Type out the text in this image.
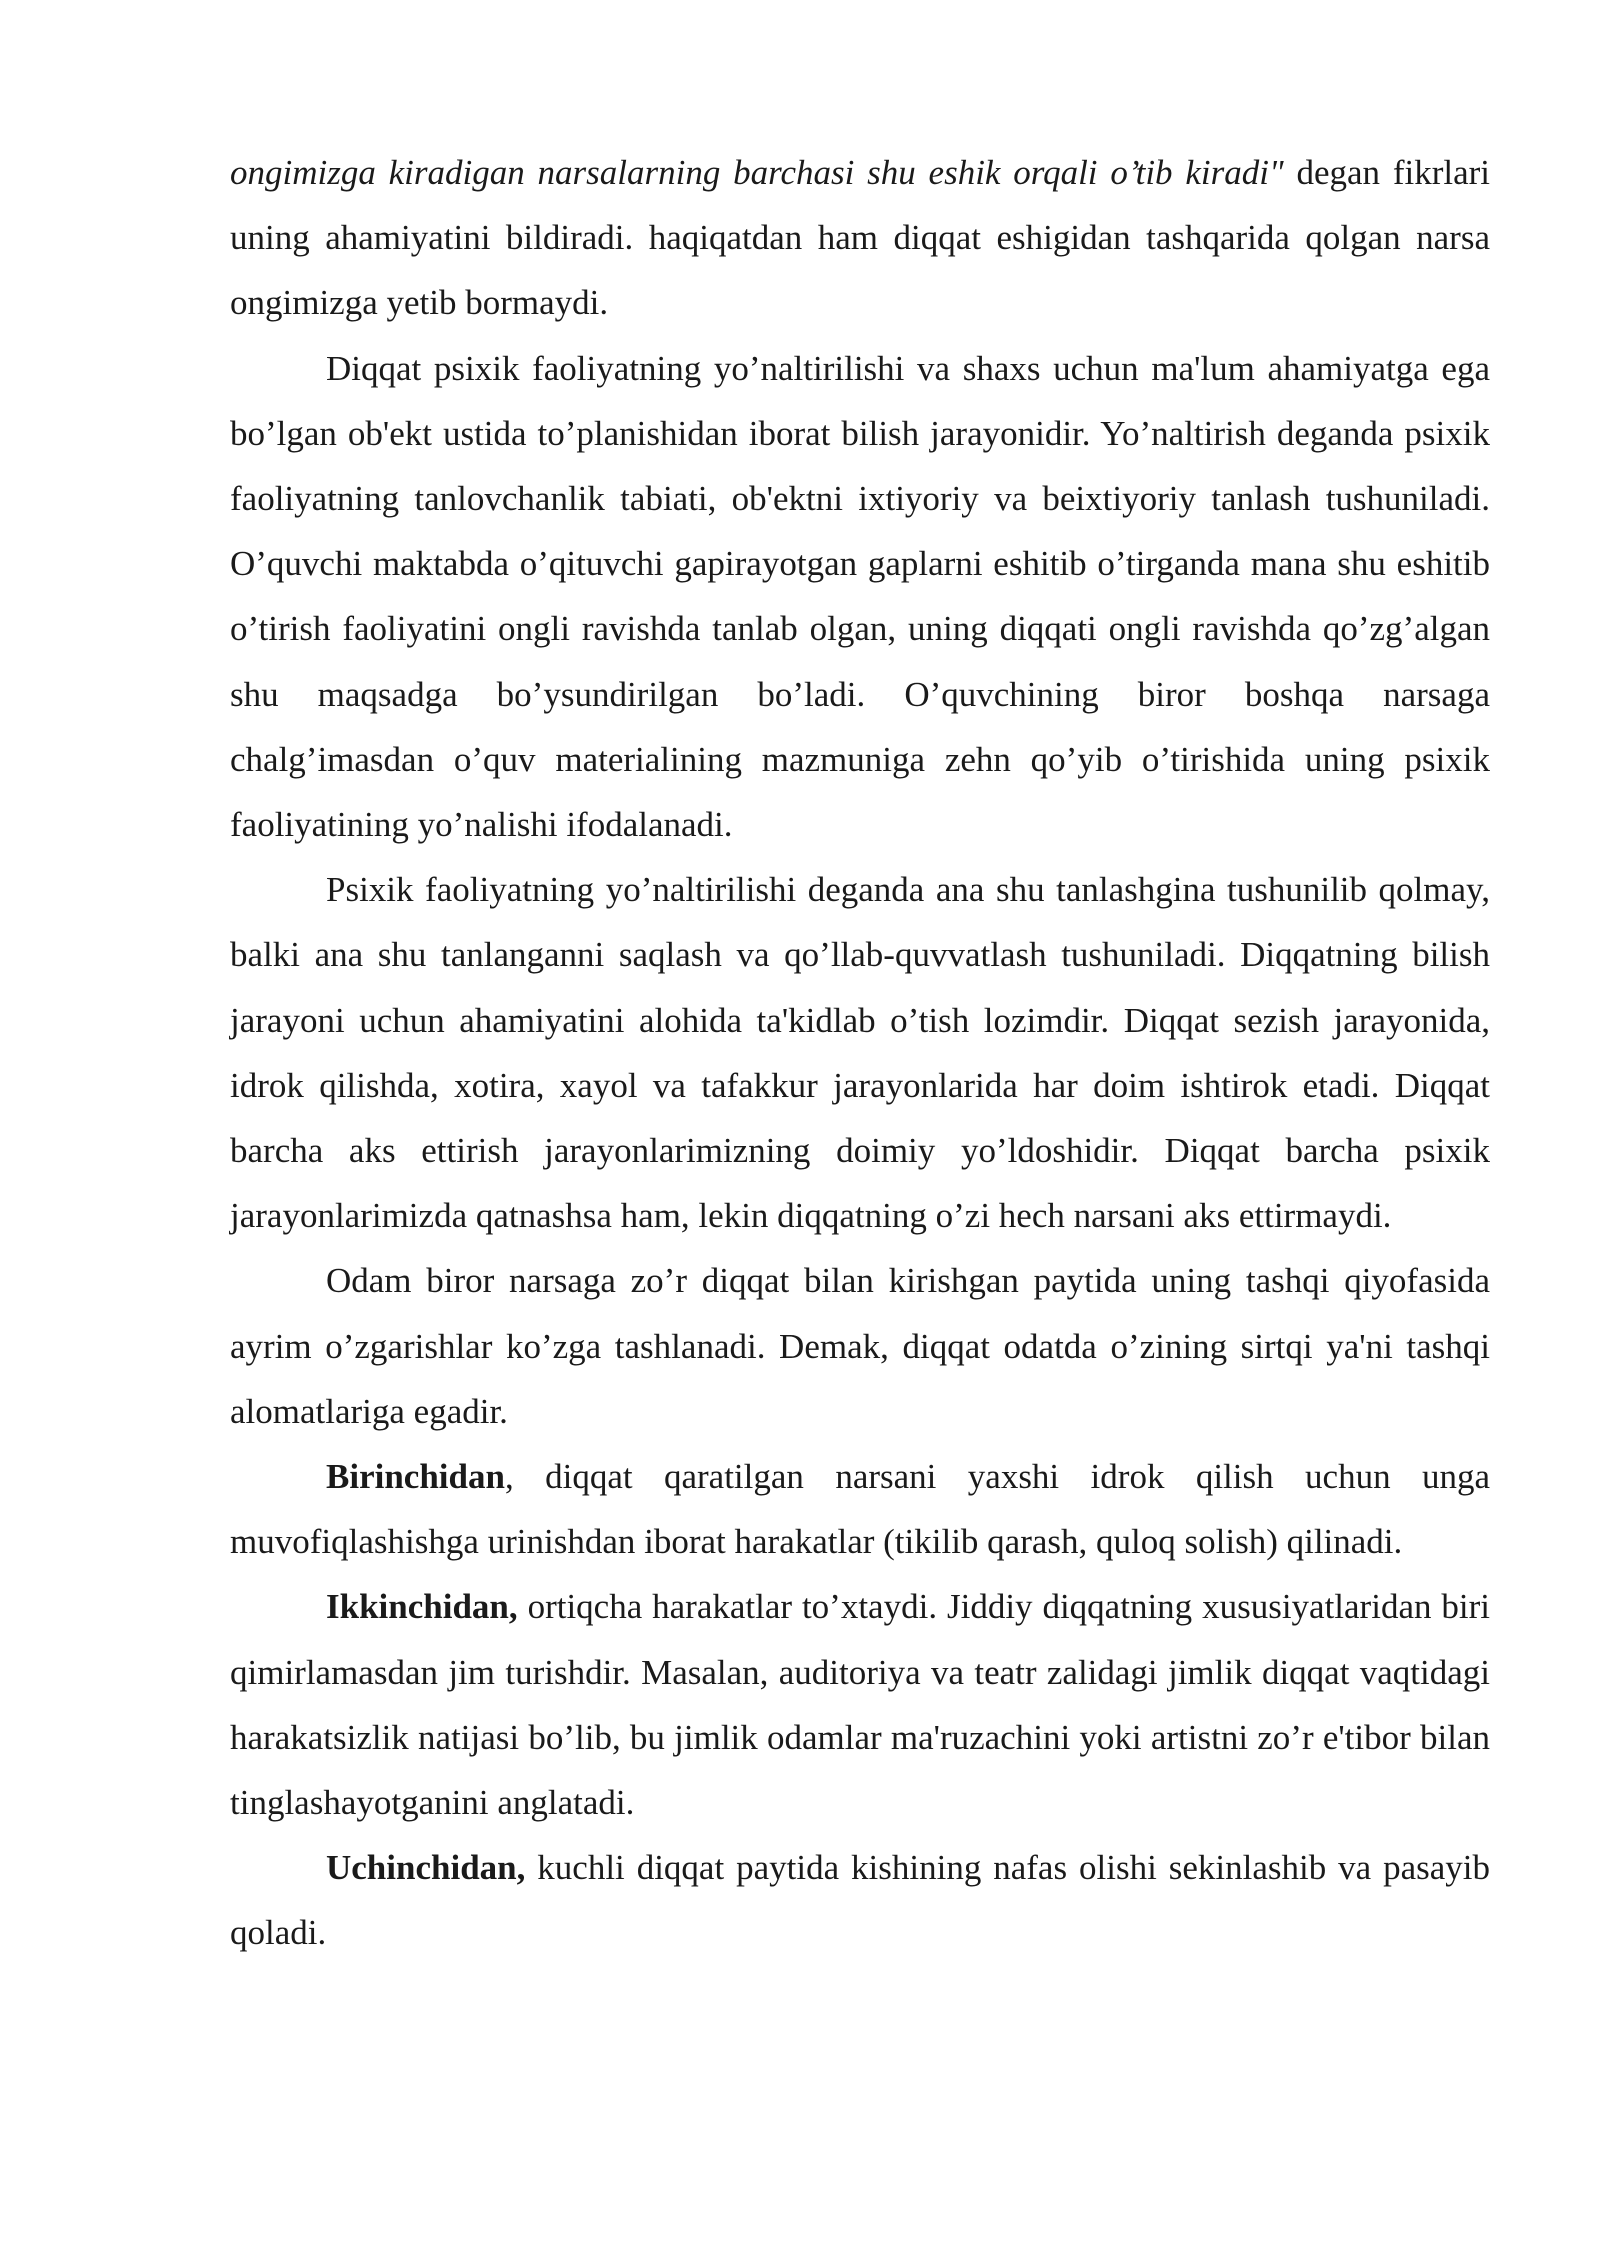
ongimizga kiradigan narsalarning barchasi shu eshik orqali o’tib kiradi" degan fikrlari uning ahamiyatini bildiradi. haqiqatdan ham diqqat eshigidan tashqarida qolgan narsa ongimizga yetib bormaydi.

Diqqat psixik faoliyatning yo’naltirilishi va shaxs uchun ma'lum ahamiyatga ega bo’lgan ob'ekt ustida to’planishidan iborat bilish jarayonidir. Yo’naltirish deganda psixik faoliyatning tanlovchanlik tabiati, ob'ektni ixtiyoriy va beixtiyoriy tanlash tushuniladi. O’quvchi maktabda o’qituvchi gapirayotgan gaplarni eshitib o’tirganda mana shu eshitib o’tirish faoliyatini ongli ravishda tanlab olgan, uning diqqati ongli ravishda qo’zg’algan shu maqsadga bo’ysundirilgan bo’ladi. O’quvchining biror boshqa narsaga chalg’imasdan o’quv materialining mazmuniga zehn qo’yib o’tirishida uning psixik faoliyatining yo’nalishi ifodalanadi.

Psixik faoliyatning yo’naltirilishi deganda ana shu tanlashgina tushunilib qolmay, balki ana shu tanlanganni saqlash va qo’llab-quvvatlash tushuniladi. Diqqatning bilish jarayoni uchun ahamiyatini alohida ta'kidlab o’tish lozimdir. Diqqat sezish jarayonida, idrok qilishda, xotira, xayol va tafakkur jarayonlarida har doim ishtirok etadi. Diqqat barcha aks ettirish jarayonlarimizning doimiy yo’ldoshidir. Diqqat barcha psixik jarayonlarimizda qatnashsa ham, lekin diqqatning o’zi hech narsani aks ettirmaydi.

Odam biror narsaga zo’r diqqat bilan kirishgan paytida uning tashqi qiyofasida ayrim o’zgarishlar ko’zga tashlanadi. Demak, diqqat odatda o’zining sirtqi ya'ni tashqi alomatlariga egadir.

Birinchidan, diqqat qaratilgan narsani yaxshi idrok qilish uchun unga muvofiqlashishga urinishdan iborat harakatlar (tikilib qarash, quloq solish) qilinadi.

Ikkinchidan, ortiqcha harakatlar to’xtaydi. Jiddiy diqqatning xususiyatlaridan biri qimirlamasdan jim turishdir. Masalan, auditoriya va teatr zalidagi jimlik diqqat vaqtidagi harakatsizlik natijasi bo’lib, bu jimlik odamlar ma'ruzachini yoki artistni zo’r e'tibor bilan tinglashayotganini anglatadi.

Uchinchidan, kuchli diqqat paytida kishining nafas olishi sekinlashib va pasayib qoladi.
